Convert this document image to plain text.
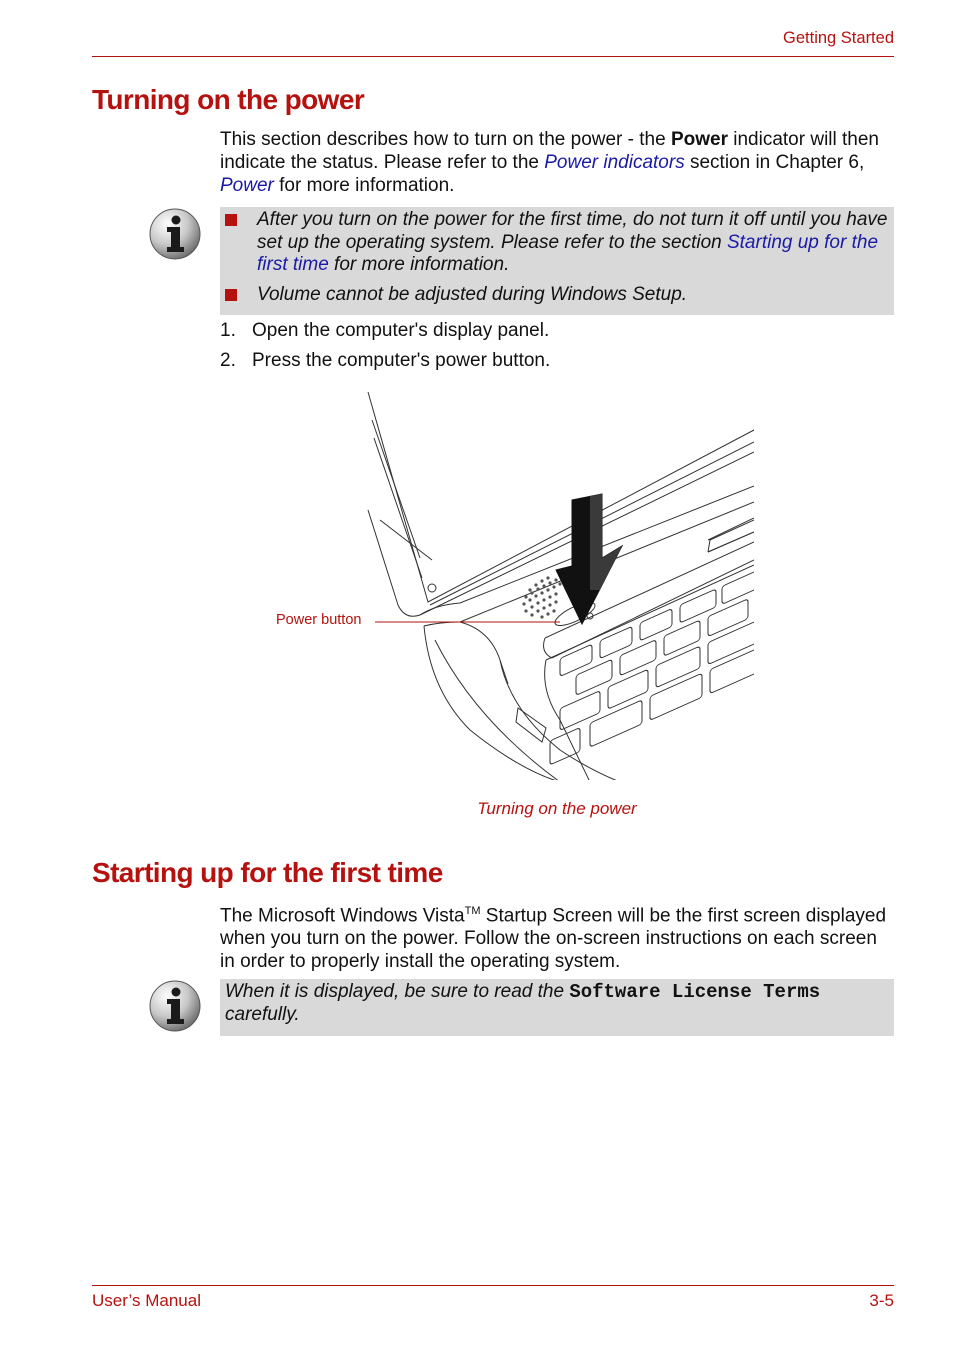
Getting Started
Turning on the power
This section describes how to turn on the power - the Power indicator will then indicate the status. Please refer to the Power indicators section in Chapter 6, Power for more information.
After you turn on the power for the first time, do not turn it off until you have set up the operating system. Please refer to the section Starting up for the first time for more information.
Volume cannot be adjusted during Windows Setup.
1. Open the computer's display panel.
2. Press the computer's power button.
Power button
Turning on the power
Starting up for the first time
The Microsoft Windows Vista™ Startup Screen will be the first screen displayed when you turn on the power. Follow the on-screen instructions on each screen in order to properly install the operating system.
When it is displayed, be sure to read the Software License Terms carefully.
User’s Manual	3-5
